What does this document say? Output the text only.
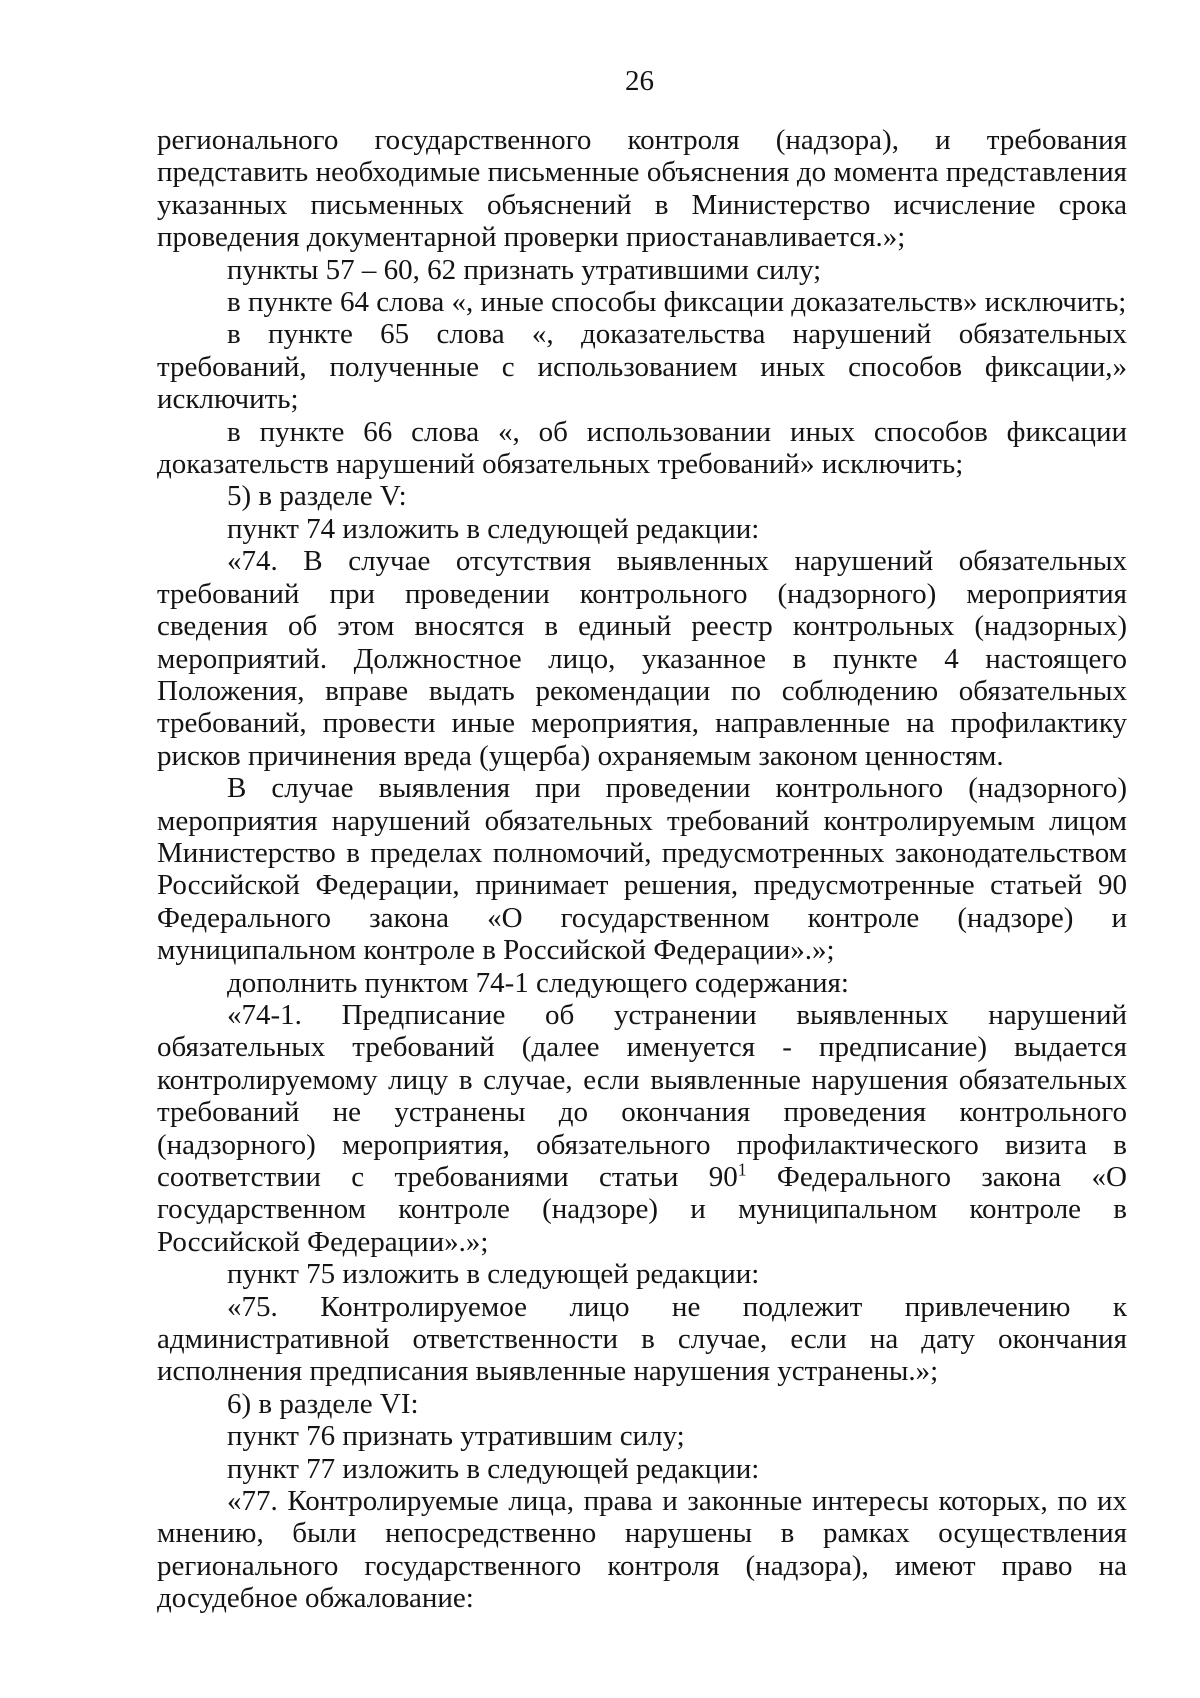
26

регионального государственного контроля (надзора), и требования представить необходимые письменные объяснения до момента представления указанных письменных объяснений в Министерство исчисление срока проведения документарной проверки приостанавливается.»;

пункты 57 – 60, 62 признать утратившими силу;

в пункте 64 слова «, иные способы фиксации доказательств» исключить;

в пункте 65 слова «, доказательства нарушений обязательных требований, полученные с использованием иных способов фиксации,» исключить;

в пункте 66 слова «, об использовании иных способов фиксации доказательств нарушений обязательных требований» исключить;

5) в разделе V:

пункт 74 изложить в следующей редакции:

«74. В случае отсутствия выявленных нарушений обязательных требований при проведении контрольного (надзорного) мероприятия сведения об этом вносятся в единый реестр контрольных (надзорных) мероприятий. Должностное лицо, указанное в пункте 4 настоящего Положения, вправе выдать рекомендации по соблюдению обязательных требований, провести иные мероприятия, направленные на профилактику рисков причинения вреда (ущерба) охраняемым законом ценностям.

В случае выявления при проведении контрольного (надзорного) мероприятия нарушений обязательных требований контролируемым лицом Министерство в пределах полномочий, предусмотренных законодательством Российской Федерации, принимает решения, предусмотренные статьей 90 Федерального закона «О государственном контроле (надзоре) и муниципальном контроле в Российской Федерации».»;

дополнить пунктом 74-1 следующего содержания:

«74-1. Предписание об устранении выявленных нарушений обязательных требований (далее именуется - предписание) выдается контролируемому лицу в случае, если выявленные нарушения обязательных требований не устранены до окончания проведения контрольного (надзорного) мероприятия, обязательного профилактического визита в соответствии с требованиями статьи $90^1$ Федерального закона «О государственном контроле (надзоре) и муниципальном контроле в Российской Федерации».»;

пункт 75 изложить в следующей редакции:

«75. Контролируемое лицо не подлежит привлечению к административной ответственности в случае, если на дату окончания исполнения предписания выявленные нарушения устранены.»;

6) в разделе VI:

пункт 76 признать утратившим силу;

пункт 77 изложить в следующей редакции:

«77. Контролируемые лица, права и законные интересы которых, по их мнению, были непосредственно нарушены в рамках осуществления регионального государственного контроля (надзора), имеют право на досудебное обжалование:
